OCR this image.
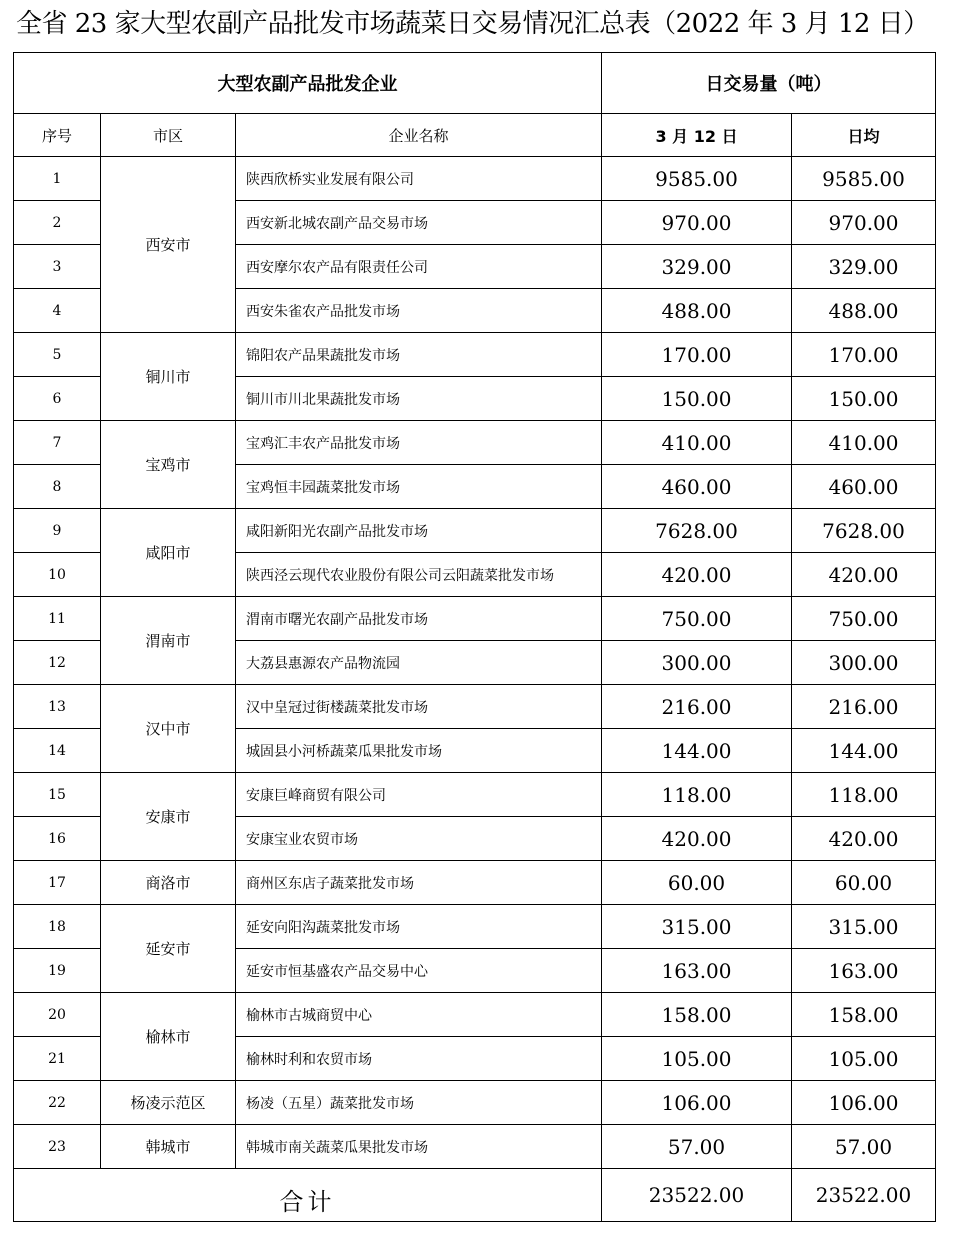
全省 23 家大型农副产品批发市场蔬菜日交易情况汇总表（2022 年 3 月 12 日）
大型农副产品批发企业			日交易量（吨）	
序号	市区	企业名称	3 月 12 日	日均
1	西安市	陕西欣桥实业发展有限公司	9585.00	9585.00
2		西安新北城农副产品交易市场	970.00	970.00
3		西安摩尔农产品有限责任公司	329.00	329.00
4		西安朱雀农产品批发市场	488.00	488.00
5	铜川市	锦阳农产品果蔬批发市场	170.00	170.00
6		铜川市川北果蔬批发市场	150.00	150.00
7	宝鸡市	宝鸡汇丰农产品批发市场	410.00	410.00
8		宝鸡恒丰园蔬菜批发市场	460.00	460.00
9	咸阳市	咸阳新阳光农副产品批发市场	7628.00	7628.00
10		陕西泾云现代农业股份有限公司云阳蔬菜批发市场	420.00	420.00
11	渭南市	渭南市曙光农副产品批发市场	750.00	750.00
12		大荔县惠源农产品物流园	300.00	300.00
13	汉中市	汉中皇冠过街楼蔬菜批发市场	216.00	216.00
14		城固县小河桥蔬菜瓜果批发市场	144.00	144.00
15	安康市	安康巨峰商贸有限公司	118.00	118.00
16		安康宝业农贸市场	420.00	420.00
17	商洛市	商州区东店子蔬菜批发市场	60.00	60.00
18	延安市	延安向阳沟蔬菜批发市场	315.00	315.00
19		延安市恒基盛农产品交易中心	163.00	163.00
20	榆林市	榆林市古城商贸中心	158.00	158.00
21		榆林时利和农贸市场	105.00	105.00
22	杨凌示范区	杨凌（五星）蔬菜批发市场	106.00	106.00
23	韩城市	韩城市南关蔬菜瓜果批发市场	57.00	57.00
合计			23522.00	23522.00
